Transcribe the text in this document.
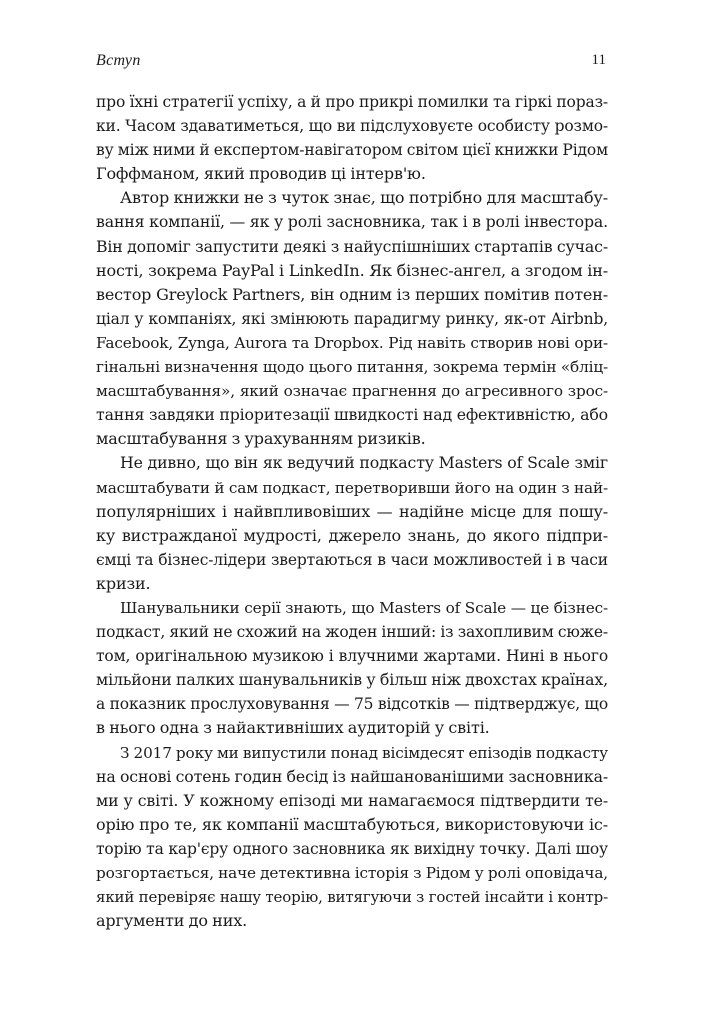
Вступ	11
про їхні стратегії успіху, а й про прикрі помилки та гіркі порaз-
ки. Часом здаватиметься, що ви підслуховуєте особисту розмо-
ву між ними й експертом-навігатором світом цієї книжки Рідом
Гоффманом, який проводив ці інтерв'ю.
Автор книжки не з чуток знає, що потрібно для масштабу-
вання компанії, — як у ролі засновника, так і в ролі інвестора.
Він допоміг запустити деякі з найуспішніших стартапів сучас-
ності, зокрема PayPal і LinkedIn. Як бізнес-ангел, а згодом ін-
вестор Greylock Partners, він одним із перших помітив потен-
ціал у компаніях, які змінюють парадигму ринку, як-от Airbnb,
Facebook, Zynga, Aurora та Dropbox. Рід навіть створив нові ори-
гінальні визначення щодо цього питання, зокрема термін «бліц-
масштабування», який означає прагнення до агресивного зрос-
тання завдяки пріоритезації швидкості над ефективністю, або
масштабування з урахуванням ризиків.
Не дивно, що він як ведучий подкасту Masters of Scale зміг
масштабувати й сам подкаст, перетворивши його на один з най-
популярніших і найвпливовіших — надійне місце для пошу-
ку вистражданої мудрості, джерело знань, до якого підпри-
ємці та бізнес-лідери звертаються в часи можливостей і в часи
кризи.
Шанувальники серії знають, що Masters of Scale — це бізнес-
подкаст, який не схожий на жоден інший: із захопливим сюже-
том, оригінальною музикою і влучними жартами. Нині в нього
мільйони палких шанувальників у більш ніж двохстах країнах,
а показник прослуховування — 75 відсотків — підтверджує, що
в нього одна з найактивніших аудиторій у світі.
З 2017 року ми випустили понад вісімдесят епізодів подкасту
на основі сотень годин бесід із найшанованішими засновника-
ми у світі. У кожному епізоді ми намагаємося підтвердити те-
орію про те, як компанії масштабуються, використовуючи іс-
торію та кар'єру одного засновника як вихідну точку. Далі шоу
розгортається, наче детективна історія з Рідом у ролі оповідача,
який перевіряє нашу теорію, витягуючи з гостей інсайти і контр-
аргументи до них.
